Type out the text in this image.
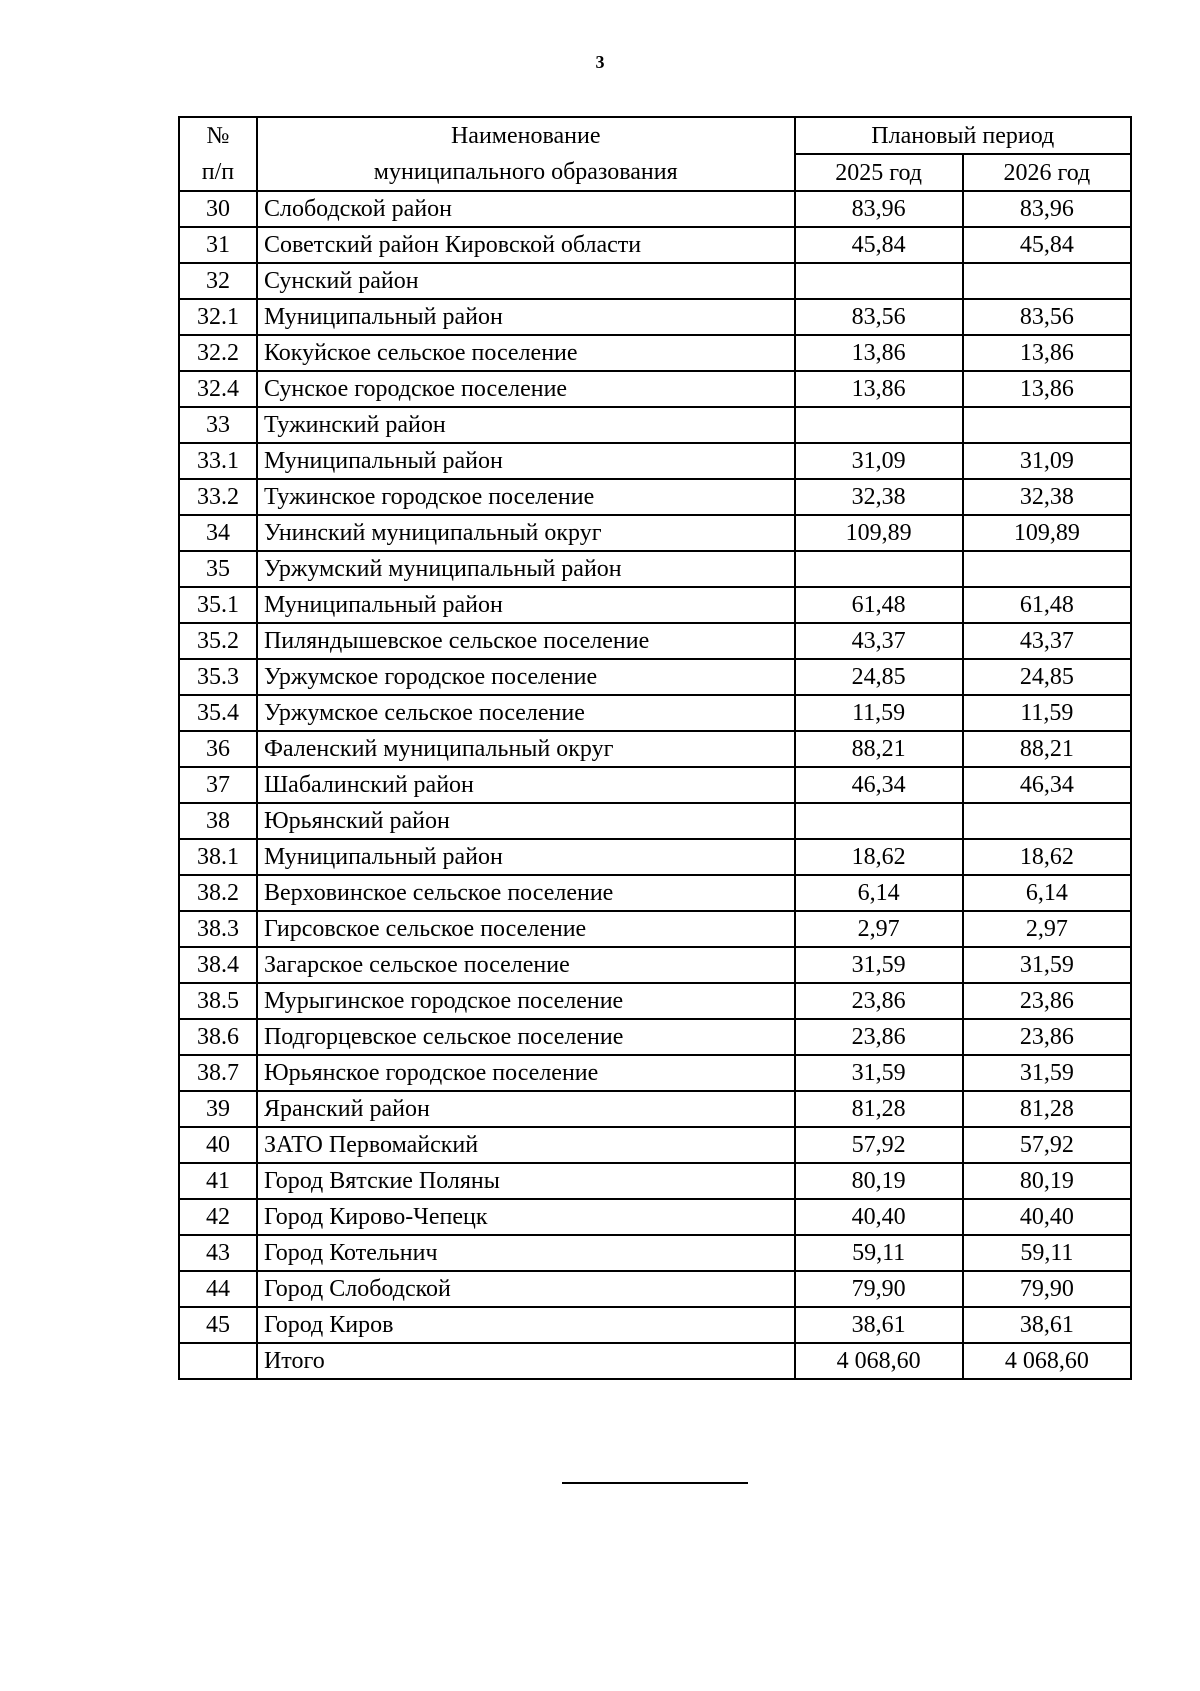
3
№
п/п	Наименование
муниципального образования	Плановый период	
		2025 год	2026 год
30	Слободской район	83,96	83,96
31	Советский район Кировской области	45,84	45,84
32	Сунский район		
32.1	Муниципальный район	83,56	83,56
32.2	Кокуйское сельское поселение	13,86	13,86
32.4	Сунское городское поселение	13,86	13,86
33	Тужинский район		
33.1	Муниципальный район	31,09	31,09
33.2	Тужинское городское поселение	32,38	32,38
34	Унинский муниципальный округ	109,89	109,89
35	Уржумский муниципальный район		
35.1	Муниципальный район	61,48	61,48
35.2	Пиляндышевское сельское поселение	43,37	43,37
35.3	Уржумское городское поселение	24,85	24,85
35.4	Уржумское сельское поселение	11,59	11,59
36	Фаленский муниципальный округ	88,21	88,21
37	Шабалинский район	46,34	46,34
38	Юрьянский район		
38.1	Муниципальный район	18,62	18,62
38.2	Верховинское сельское поселение	6,14	6,14
38.3	Гирсовское сельское поселение	2,97	2,97
38.4	Загарское сельское поселение	31,59	31,59
38.5	Мурыгинское городское поселение	23,86	23,86
38.6	Подгорцевское сельское поселение	23,86	23,86
38.7	Юрьянское городское поселение	31,59	31,59
39	Яранский район	81,28	81,28
40	ЗАТО Первомайский	57,92	57,92
41	Город Вятские Поляны	80,19	80,19
42	Город Кирово-Чепецк	40,40	40,40
43	Город Котельнич	59,11	59,11
44	Город Слободской	79,90	79,90
45	Город Киров	38,61	38,61
	Итого	4 068,60	4 068,60
